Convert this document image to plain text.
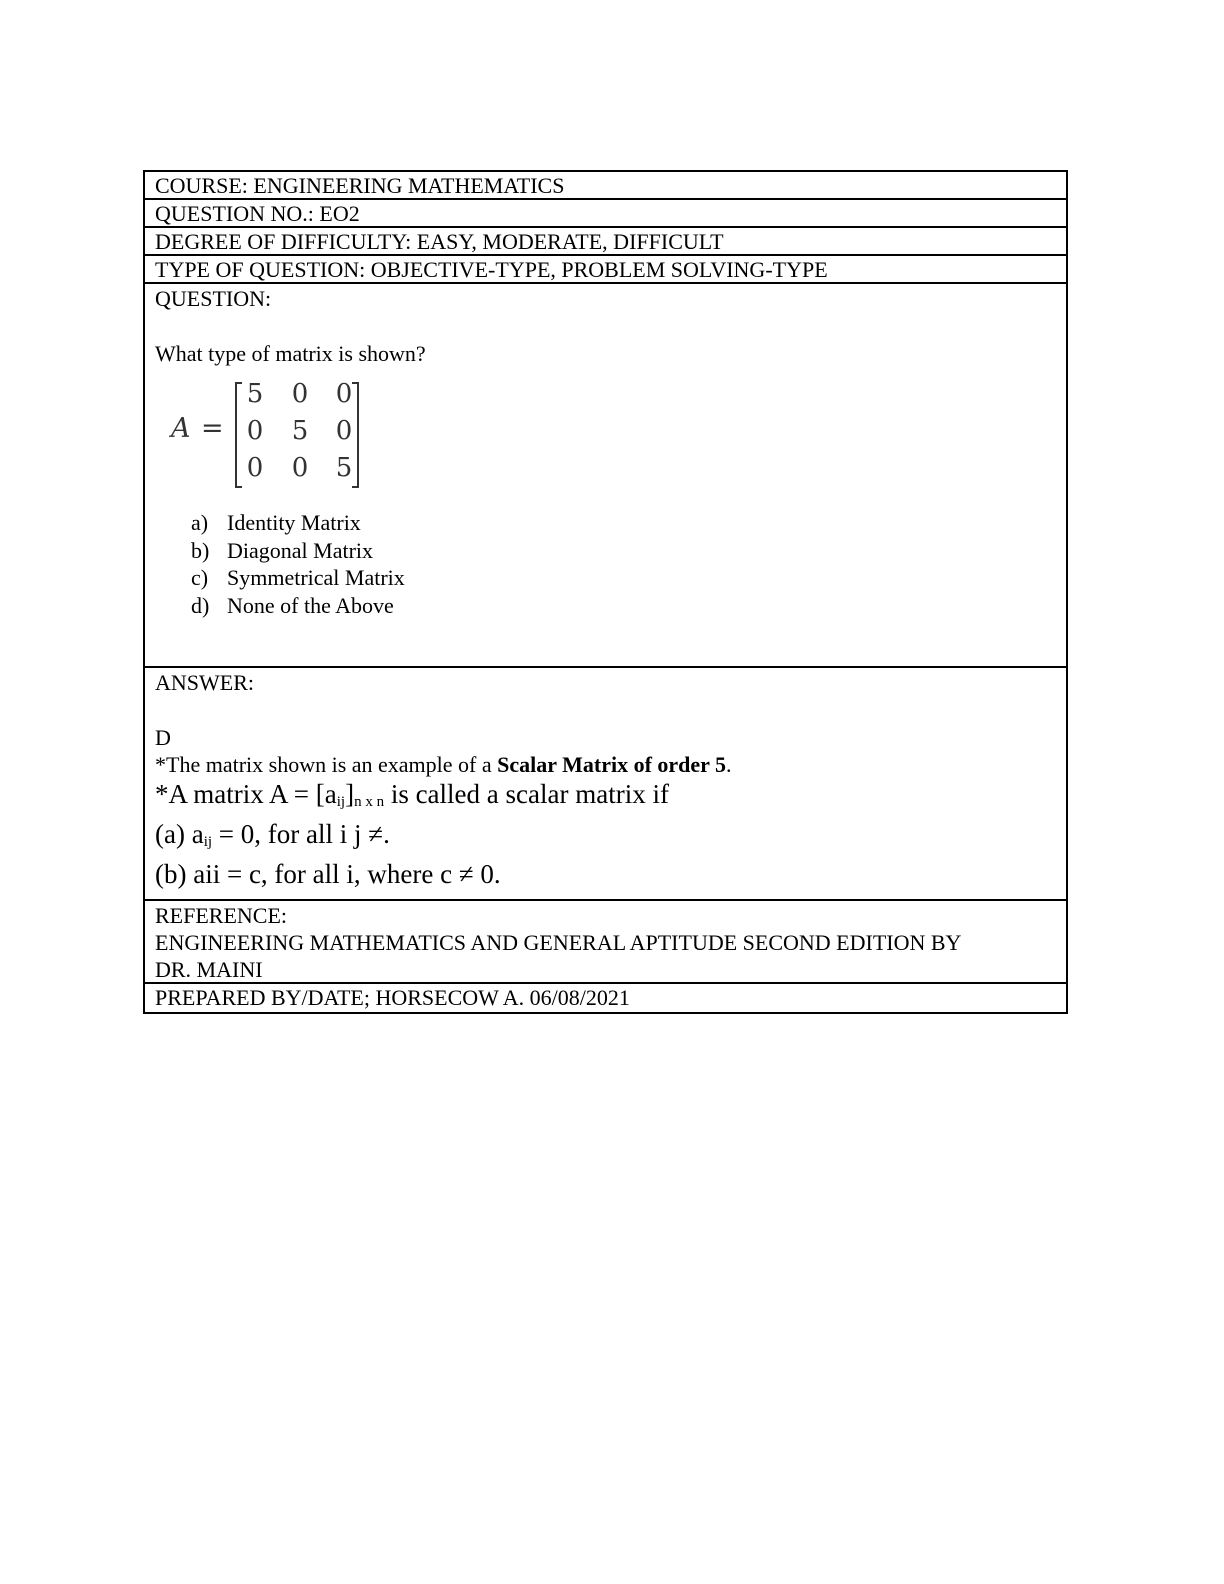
COURSE: ENGINEERING MATHEMATICS
QUESTION NO.: EO2
DEGREE OF DIFFICULTY: EASY, MODERATE, DIFFICULT
TYPE OF QUESTION: OBJECTIVE-TYPE, PROBLEM SOLVING-TYPE
QUESTION:
What type of matrix is shown?
A =
5 0 0
0 5 0
0 0 5
a) Identity Matrix
b) Diagonal Matrix
c) Symmetrical Matrix
d) None of the Above
ANSWER:
D
*The matrix shown is an example of a Scalar Matrix of order 5.
*A matrix $A = [a_{ij}]_{n x n}$ is called a scalar matrix if
(a) $a_{ij} = 0$, for all i j ≠.
(b) aii = c, for all i, where c ≠ 0.
REFERENCE:
ENGINEERING MATHEMATICS AND GENERAL APTITUDE SECOND EDITION BY
DR. MAINI
PREPARED BY/DATE; HORSECOW A. 06/08/2021
